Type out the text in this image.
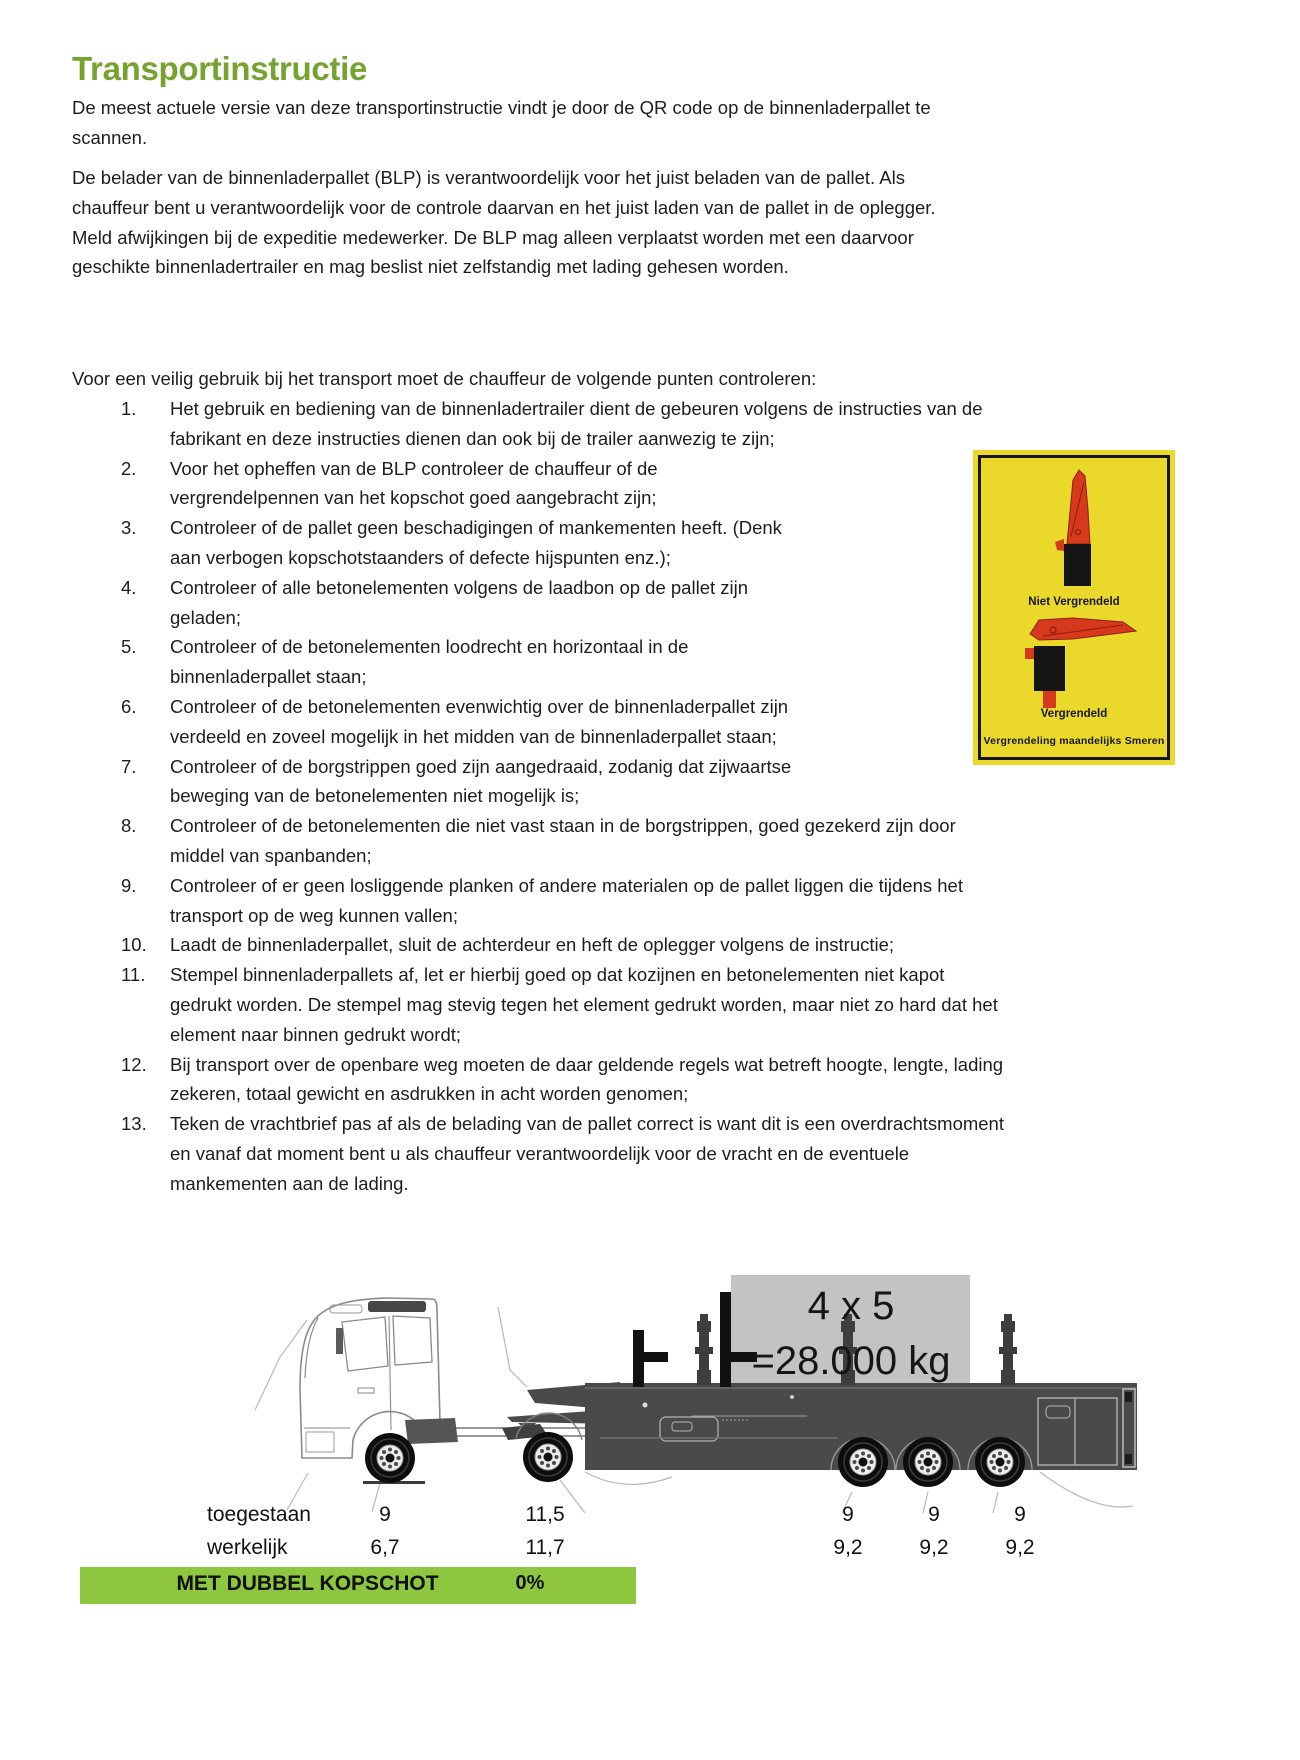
Transportinstructie
De meest actuele versie van deze transportinstructie vindt je door de QR code op de binnenladerpallet te
scannen.
De belader van de binnenladerpallet (BLP) is verantwoordelijk voor het juist beladen van de pallet. Als
chauffeur bent u verantwoordelijk voor de controle daarvan en het juist laden van de pallet in de oplegger.
Meld afwijkingen bij de expeditie medewerker. De BLP mag alleen verplaatst worden met een daarvoor
geschikte binnenladertrailer en mag beslist niet zelfstandig met lading gehesen worden.
Voor een veilig gebruik bij het transport moet de chauffeur de volgende punten controleren:
1. Het gebruik en bediening van de binnenladertrailer dient de gebeuren volgens de instructies van de
fabrikant en deze instructies dienen dan ook bij de trailer aanwezig te zijn;
2. Voor het opheffen van de BLP controleer de chauffeur of de
vergrendelpennen van het kopschot goed aangebracht zijn;
3. Controleer of de pallet geen beschadigingen of mankementen heeft. (Denk
aan verbogen kopschotstaanders of defecte hijspunten enz.);
4. Controleer of alle betonelementen volgens de laadbon op de pallet zijn
geladen;
5. Controleer of de betonelementen loodrecht en horizontaal in de
binnenladerpallet staan;
6. Controleer of de betonelementen evenwichtig over de binnenladerpallet zijn
verdeeld en zoveel mogelijk in het midden van de binnenladerpallet staan;
7. Controleer of de borgstrippen goed zijn aangedraaid, zodanig dat zijwaartse
beweging van de betonelementen niet mogelijk is;
8. Controleer of de betonelementen die niet vast staan in de borgstrippen, goed gezekerd zijn door
middel van spanbanden;
9. Controleer of er geen losliggende planken of andere materialen op de pallet liggen die tijdens het
transport op de weg kunnen vallen;
10. Laadt de binnenladerpallet, sluit de achterdeur en heft de oplegger volgens de instructie;
11. Stempel binnenladerpallets af, let er hierbij goed op dat kozijnen en betonelementen niet kapot
gedrukt worden. De stempel mag stevig tegen het element gedrukt worden, maar niet zo hard dat het
element naar binnen gedrukt wordt;
12. Bij transport over de openbare weg moeten de daar geldende regels wat betreft hoogte, lengte, lading
zekeren, totaal gewicht en asdrukken in acht worden genomen;
13. Teken de vrachtbrief pas af als de belading van de pallet correct is want dit is een overdrachtsmoment
en vanaf dat moment bent u als chauffeur verantwoordelijk voor de vracht en de eventuele
mankementen aan de lading.
Niet Vergrendeld
Vergrendeld
Vergrendeling maandelijks Smeren
4 x 5
=28.000 kg
toegestaan	9	11,5	9	9	9
werkelijk	6,7	11,7	9,2	9,2	9,2
MET DUBBEL KOPSCHOT	0%
